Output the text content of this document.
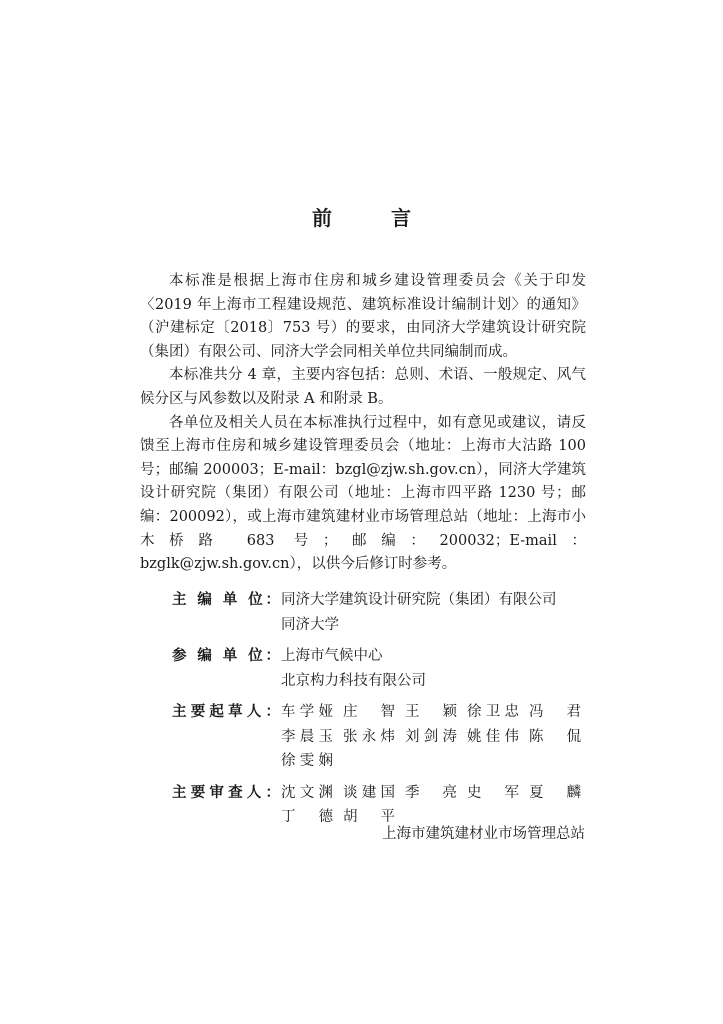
前 言

本标准是根据上海市住房和城乡建设管理委员会《关于印发〈2019 年上海市工程建设规范、建筑标准设计编制计划〉的通知》（沪建标定〔2018〕753 号）的要求，由同济大学建筑设计研究院（集团）有限公司、同济大学会同相关单位共同编制而成。

本标准共分 4 章，主要内容包括：总则、术语、一般规定、风气候分区与风参数以及附录 A 和附录 B。

各单位及相关人员在本标准执行过程中，如有意见或建议，请反馈至上海市住房和城乡建设管理委员会（地址：上海市大沽路 100 号；邮编 200003；E-mail：bzgl@zjw.sh.gov.cn），同济大学建筑设计研究院（集团）有限公司（地址：上海市四平路 1230 号；邮编：200092），或上海市建筑建材业市场管理总站（地址：上海市小木桥路 683 号；邮编：200032；E-mail：bzglk@zjw.sh.gov.cn），以供今后修订时参考。

主 编 单 位： 同济大学建筑设计研究院（集团）有限公司
同济大学
参 编 单 位： 上海市气候中心
北京构力科技有限公司
主要起草人： 车学娅 庄 智 王 颖 徐卫忠 冯 君
李晨玉 张永炜 刘剑涛 姚佳伟 陈 侃
徐雯娴
主要审查人： 沈文渊 谈建国 季 亮 史 军 夏 麟
丁 德 胡 平
上海市建筑建材业市场管理总站
